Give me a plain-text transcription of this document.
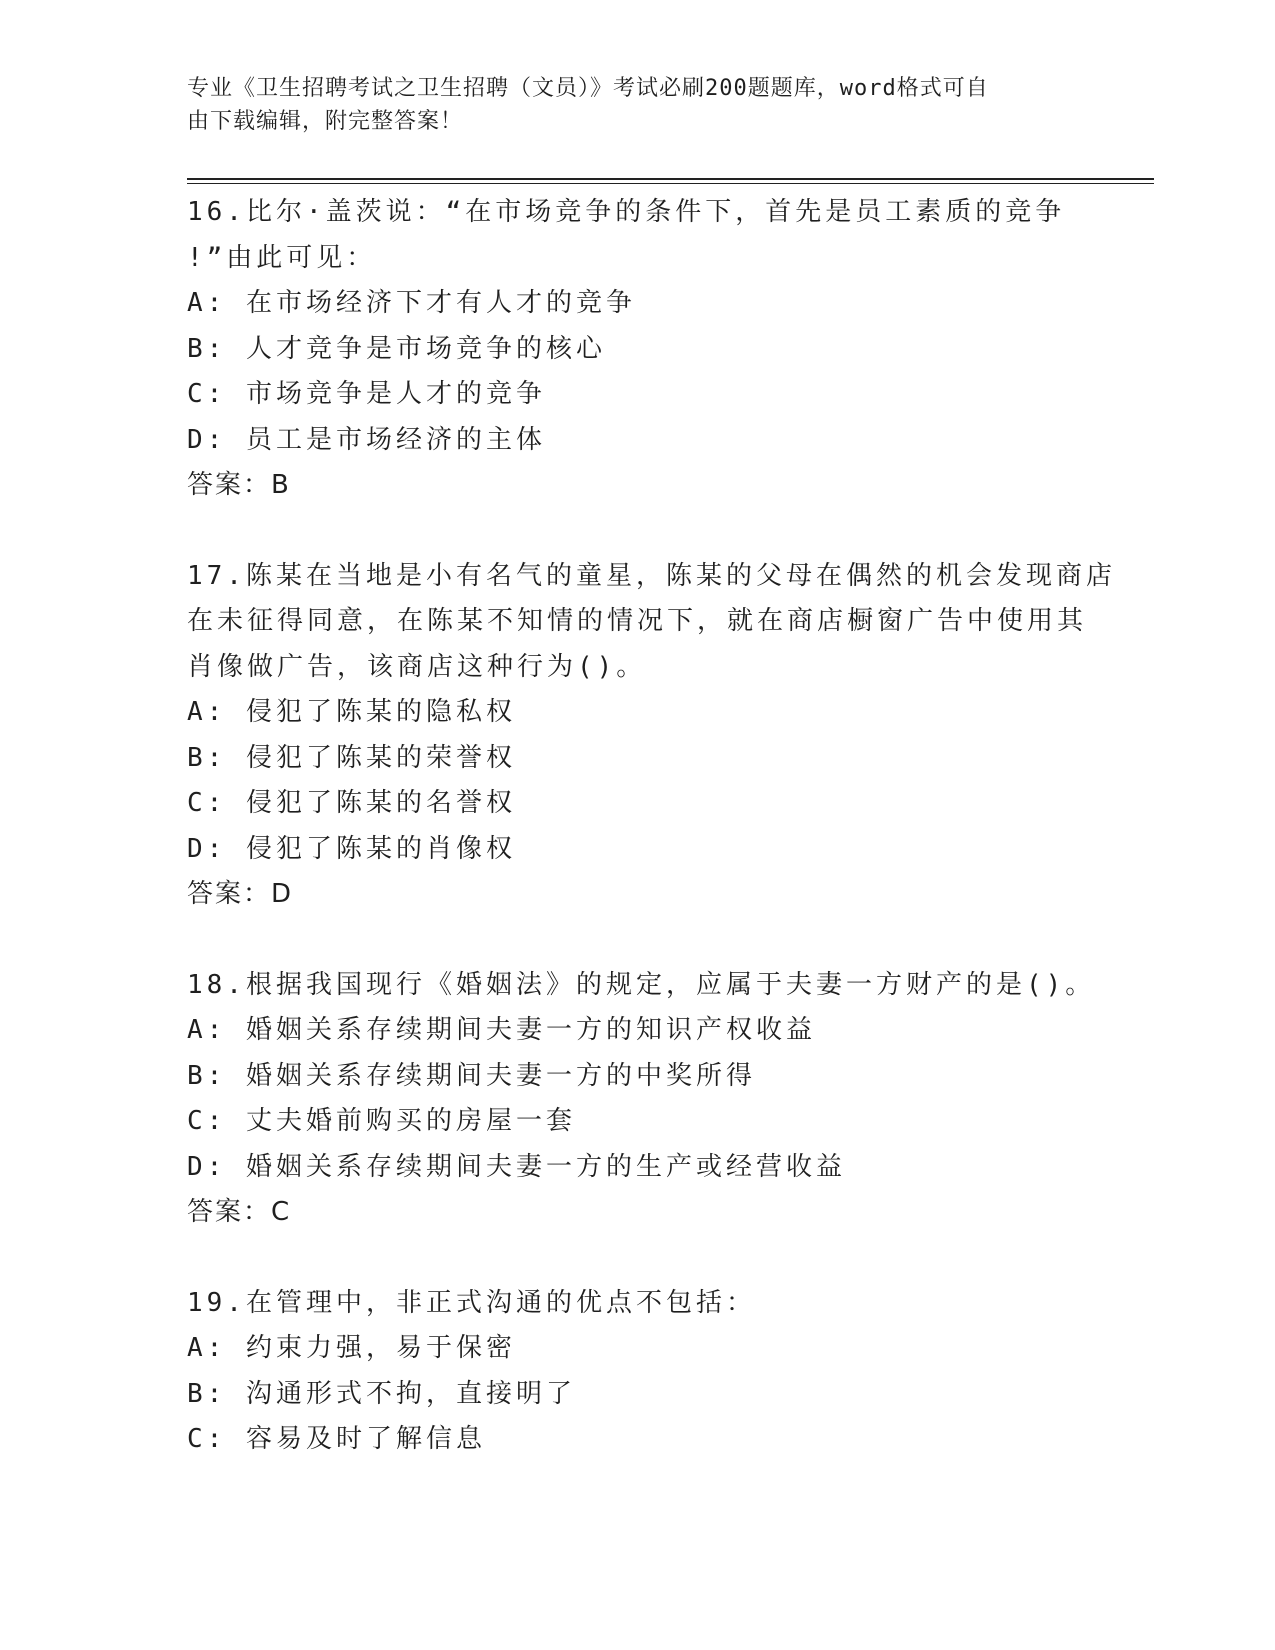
专业《卫生招聘考试之卫生招聘（文员）》考试必刷200题题库，word格式可自
由下载编辑，附完整答案！
16.比尔·盖茨说：“在市场竞争的条件下，首先是员工素质的竞争
!”由此可见：
A: 在市场经济下才有人才的竞争
B: 人才竞争是市场竞争的核心
C: 市场竞争是人才的竞争
D: 员工是市场经济的主体
答案：B
17.陈某在当地是小有名气的童星，陈某的父母在偶然的机会发现商店
在未征得同意，在陈某不知情的情况下，就在商店橱窗广告中使用其
肖像做广告，该商店这种行为()。
A: 侵犯了陈某的隐私权
B: 侵犯了陈某的荣誉权
C: 侵犯了陈某的名誉权
D: 侵犯了陈某的肖像权
答案：D
18.根据我国现行《婚姻法》的规定，应属于夫妻一方财产的是()。
A: 婚姻关系存续期间夫妻一方的知识产权收益
B: 婚姻关系存续期间夫妻一方的中奖所得
C: 丈夫婚前购买的房屋一套
D: 婚姻关系存续期间夫妻一方的生产或经营收益
答案：C
19.在管理中，非正式沟通的优点不包括：
A: 约束力强，易于保密
B: 沟通形式不拘，直接明了
C: 容易及时了解信息
